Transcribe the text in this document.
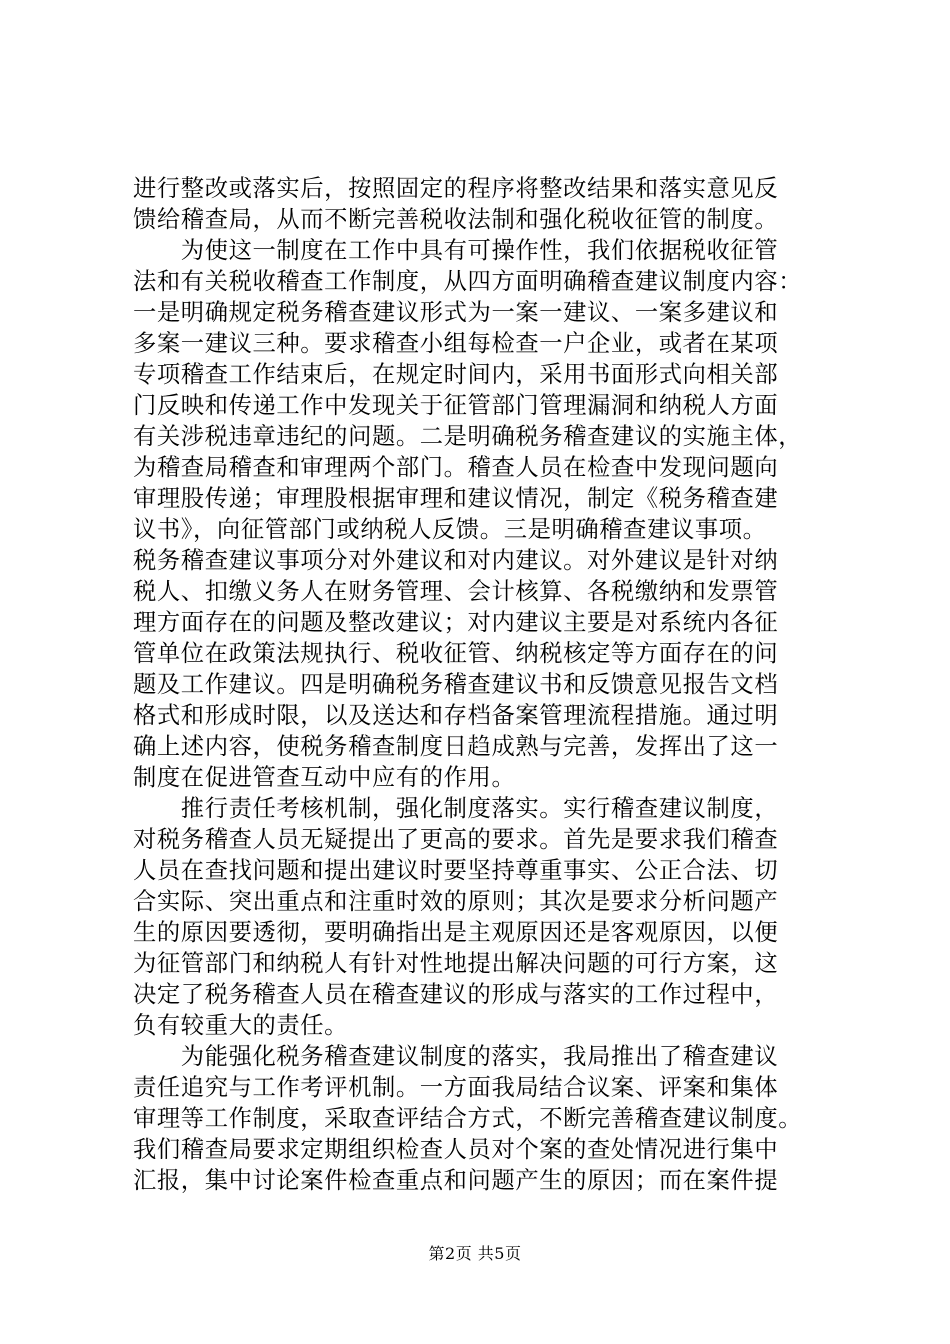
进行整改或落实后，按照固定的程序将整改结果和落实意见反
馈给稽查局，从而不断完善税收法制和强化税收征管的制度。
　　为使这一制度在工作中具有可操作性，我们依据税收征管
法和有关税收稽查工作制度，从四方面明确稽查建议制度内容：
一是明确规定税务稽查建议形式为一案一建议、一案多建议和
多案一建议三种。要求稽查小组每检查一户企业，或者在某项
专项稽查工作结束后，在规定时间内，采用书面形式向相关部
门反映和传递工作中发现关于征管部门管理漏洞和纳税人方面
有关涉税违章违纪的问题。二是明确税务稽查建议的实施主体，
为稽查局稽查和审理两个部门。稽查人员在检查中发现问题向
审理股传递；审理股根据审理和建议情况，制定《税务稽查建
议书》，向征管部门或纳税人反馈。三是明确稽查建议事项。
税务稽查建议事项分对外建议和对内建议。对外建议是针对纳
税人、扣缴义务人在财务管理、会计核算、各税缴纳和发票管
理方面存在的问题及整改建议；对内建议主要是对系统内各征
管单位在政策法规执行、税收征管、纳税核定等方面存在的问
题及工作建议。四是明确税务稽查建议书和反馈意见报告文档
格式和形成时限，以及送达和存档备案管理流程措施。通过明
确上述内容，使税务稽查制度日趋成熟与完善，发挥出了这一
制度在促进管查互动中应有的作用。
　　推行责任考核机制，强化制度落实。实行稽查建议制度，
对税务稽查人员无疑提出了更高的要求。首先是要求我们稽查
人员在查找问题和提出建议时要坚持尊重事实、公正合法、切
合实际、突出重点和注重时效的原则；其次是要求分析问题产
生的原因要透彻，要明确指出是主观原因还是客观原因，以便
为征管部门和纳税人有针对性地提出解决问题的可行方案，这
决定了税务稽查人员在稽查建议的形成与落实的工作过程中，
负有较重大的责任。
　　为能强化税务稽查建议制度的落实，我局推出了稽查建议
责任追究与工作考评机制。一方面我局结合议案、评案和集体
审理等工作制度，采取查评结合方式，不断完善稽查建议制度。
我们稽查局要求定期组织检查人员对个案的查处情况进行集中
汇报，集中讨论案件检查重点和问题产生的原因；而在案件提
第2页 共5页
